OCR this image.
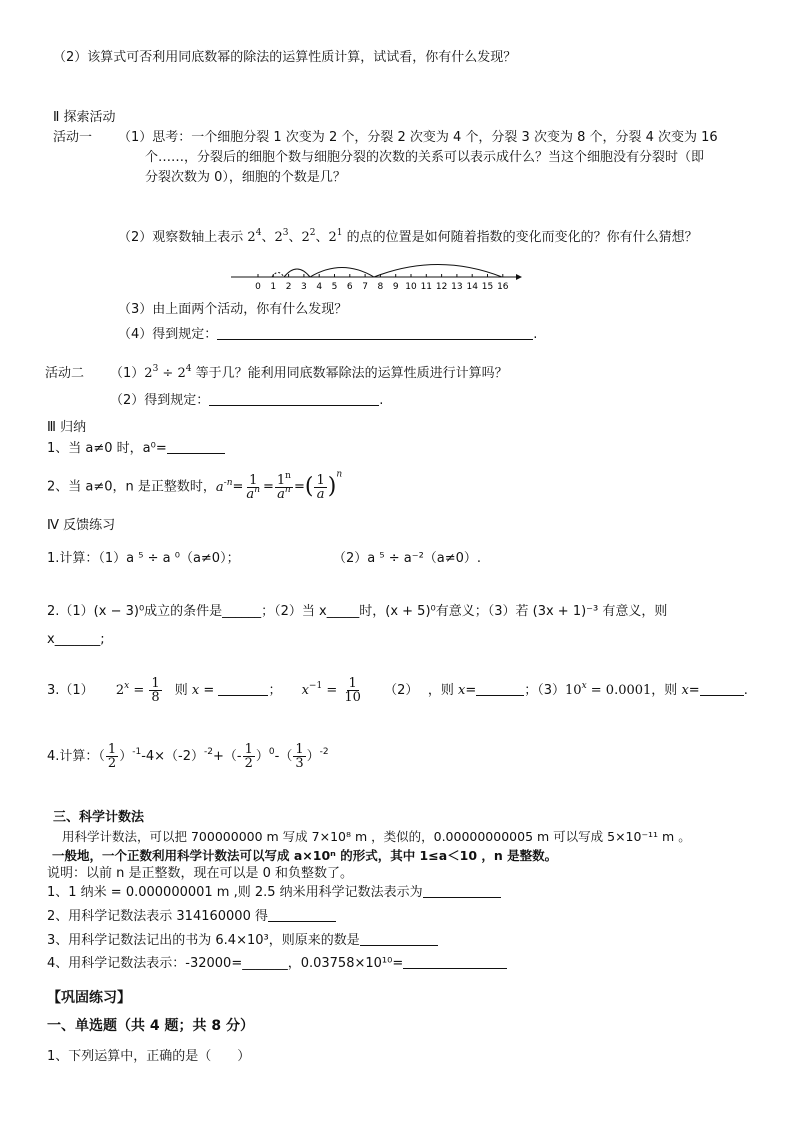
（2）该算式可否利用同底数幂的除法的运算性质计算，试试看，你有什么发现？
Ⅱ 探索活动
活动一 （1）思考：一个细胞分裂 1 次变为 2 个，分裂 2 次变为 4 个，分裂 3 次变为 8 个，分裂 4 次变为 16
个……，分裂后的细胞个数与细胞分裂的次数的关系可以表示成什么？当这个细胞没有分裂时（即
分裂次数为 0），细胞的个数是几？
（2）观察数轴上表示 $2^4$、$2^3$、$2^2$、$2^1$ 的点的位置是如何随着指数的变化而变化的？你有什么猜想？
0 1 2 3 4 5 6 7 8 9 10 11 12 13 14 15 16
（3）由上面两个活动，你有什么发现？
（4）得到规定：	.
活动二 $(1)2^3 \div 2^4$ 等于几？能利用同底数幂除法的运算性质进行计算吗？
（2）得到规定：	.
Ⅲ 归纳
1、当 a≠0 时，a⁰=
2、当 a≠0，n 是正整数时，$a^{-n}= \frac{1}{a^n} = \frac{1^n}{a^n}$ =( $\frac{1}{a} )^n$
Ⅳ 反馈练习
1.计算：（1）a ⁵ ÷ a ⁰（a≠0）；	（2）a ⁵ ÷ a⁻²（a≠0）.
2.（1）(x − 3)⁰成立的条件是______；（2）当 x_____时，(x + 5)⁰有意义；（3）若 (3x + 1)⁻³ 有意义，则
x_______;
3.（1） $2^x = \frac{1}{8}$ 则 x =	； $x^{-1} = \frac{1}{10} (2)$ ，则 x=	；$(3)10^x = 0.0001$，则 x=	.
4.计算：（ $\frac{1}{2} )^{-1}-4\times(-2)^{-2}+(- \frac{1}{2} )^0-( \frac{1}{3} )^{-2}$
三、科学计数法
用科学计数法，可以把 700000000 m 写成 7×10⁸ m ，类似的，0.00000000005 m 可以写成 5×10⁻¹¹ m 。
一般地，一个正数利用科学计数法可以写成 a×10ⁿ 的形式，其中 1≤a＜10 ，n 是整数。
说明：以前 n 是正整数，现在可以是 0 和负整数了。
1、1 纳米 = 0.000000001 m ,则 2.5 纳米用科学记数法表示为
2、用科学记数法表示 314160000 得
3、用科学记数法记出的书为 6.4×10³，则原来的数是
4、用科学记数法表示：-32000=_______，0.03758×10¹⁰=
【巩固练习】
一、单选题（共 4 题；共 8 分）
1、下列运算中，正确的是（　　）
